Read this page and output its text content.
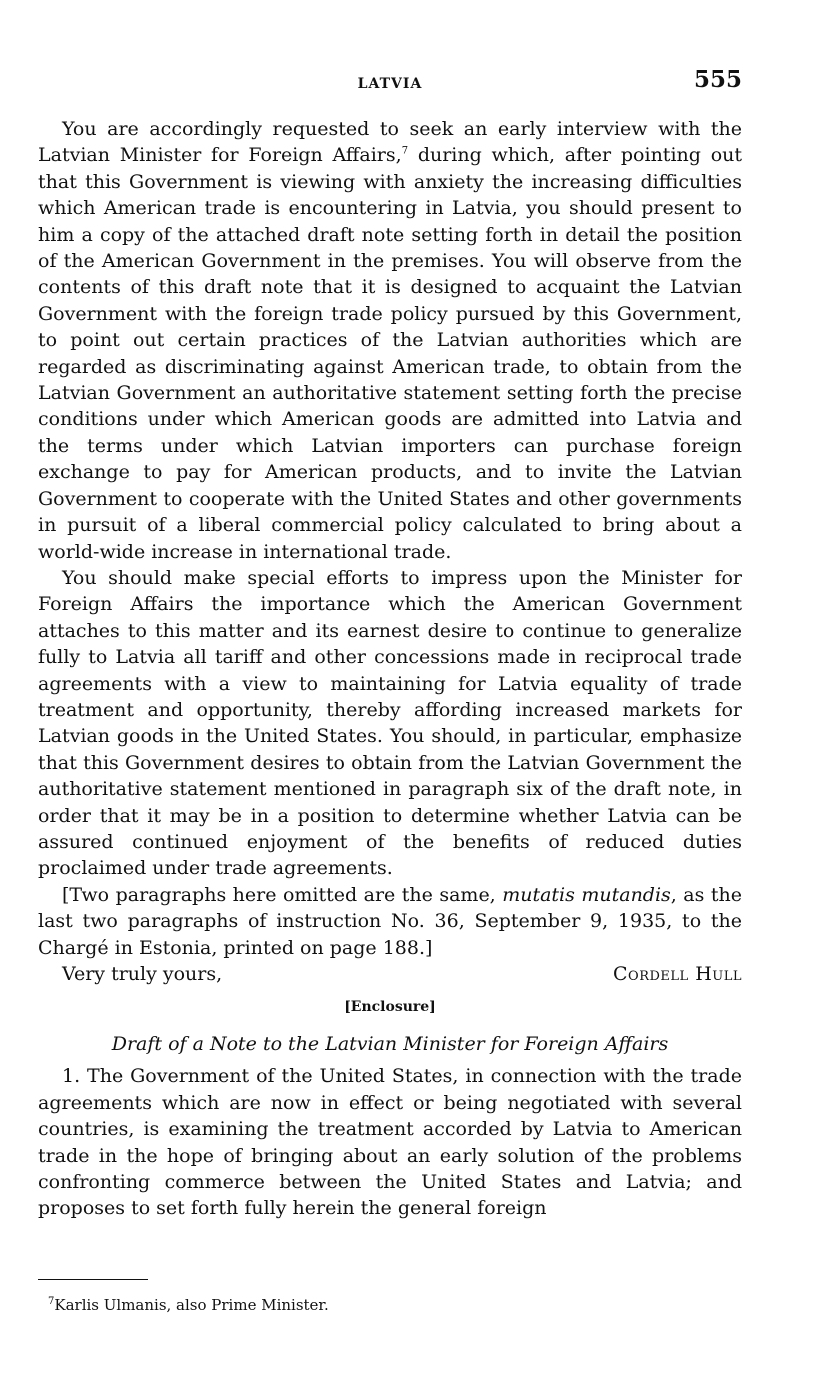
LATVIA	555

You are accordingly requested to seek an early interview with the Latvian Minister for Foreign Affairs,$^7$ during which, after pointing out that this Government is viewing with anxiety the increasing difficulties which American trade is encountering in Latvia, you should present to him a copy of the attached draft note setting forth in detail the position of the American Government in the premises. You will observe from the contents of this draft note that it is designed to acquaint the Latvian Government with the foreign trade policy pursued by this Government, to point out certain practices of the Latvian authorities which are regarded as discriminating against American trade, to obtain from the Latvian Government an authoritative statement setting forth the precise conditions under which American goods are admitted into Latvia and the terms under which Latvian importers can purchase foreign exchange to pay for American products, and to invite the Latvian Government to cooperate with the United States and other governments in pursuit of a liberal commercial policy calculated to bring about a world-wide increase in international trade.

You should make special efforts to impress upon the Minister for Foreign Affairs the importance which the American Government attaches to this matter and its earnest desire to continue to generalize fully to Latvia all tariff and other concessions made in reciprocal trade agreements with a view to maintaining for Latvia equality of trade treatment and opportunity, thereby affording increased markets for Latvian goods in the United States. You should, in particular, emphasize that this Government desires to obtain from the Latvian Government the authoritative statement mentioned in paragraph six of the draft note, in order that it may be in a position to determine whether Latvia can be assured continued enjoyment of the benefits of reduced duties proclaimed under trade agreements.

[Two paragraphs here omitted are the same, mutatis mutandis, as the last two paragraphs of instruction No. 36, September 9, 1935, to the Chargé in Estonia, printed on page 188.]

Very truly yours,	Cordell Hull
[Enclosure]
Draft of a Note to the Latvian Minister for Foreign Affairs

1. The Government of the United States, in connection with the trade agreements which are now in effect or being negotiated with several countries, is examining the treatment accorded by Latvia to American trade in the hope of bringing about an early solution of the problems confronting commerce between the United States and Latvia; and proposes to set forth fully herein the general foreign

$^7$Karlis Ulmanis, also Prime Minister.
